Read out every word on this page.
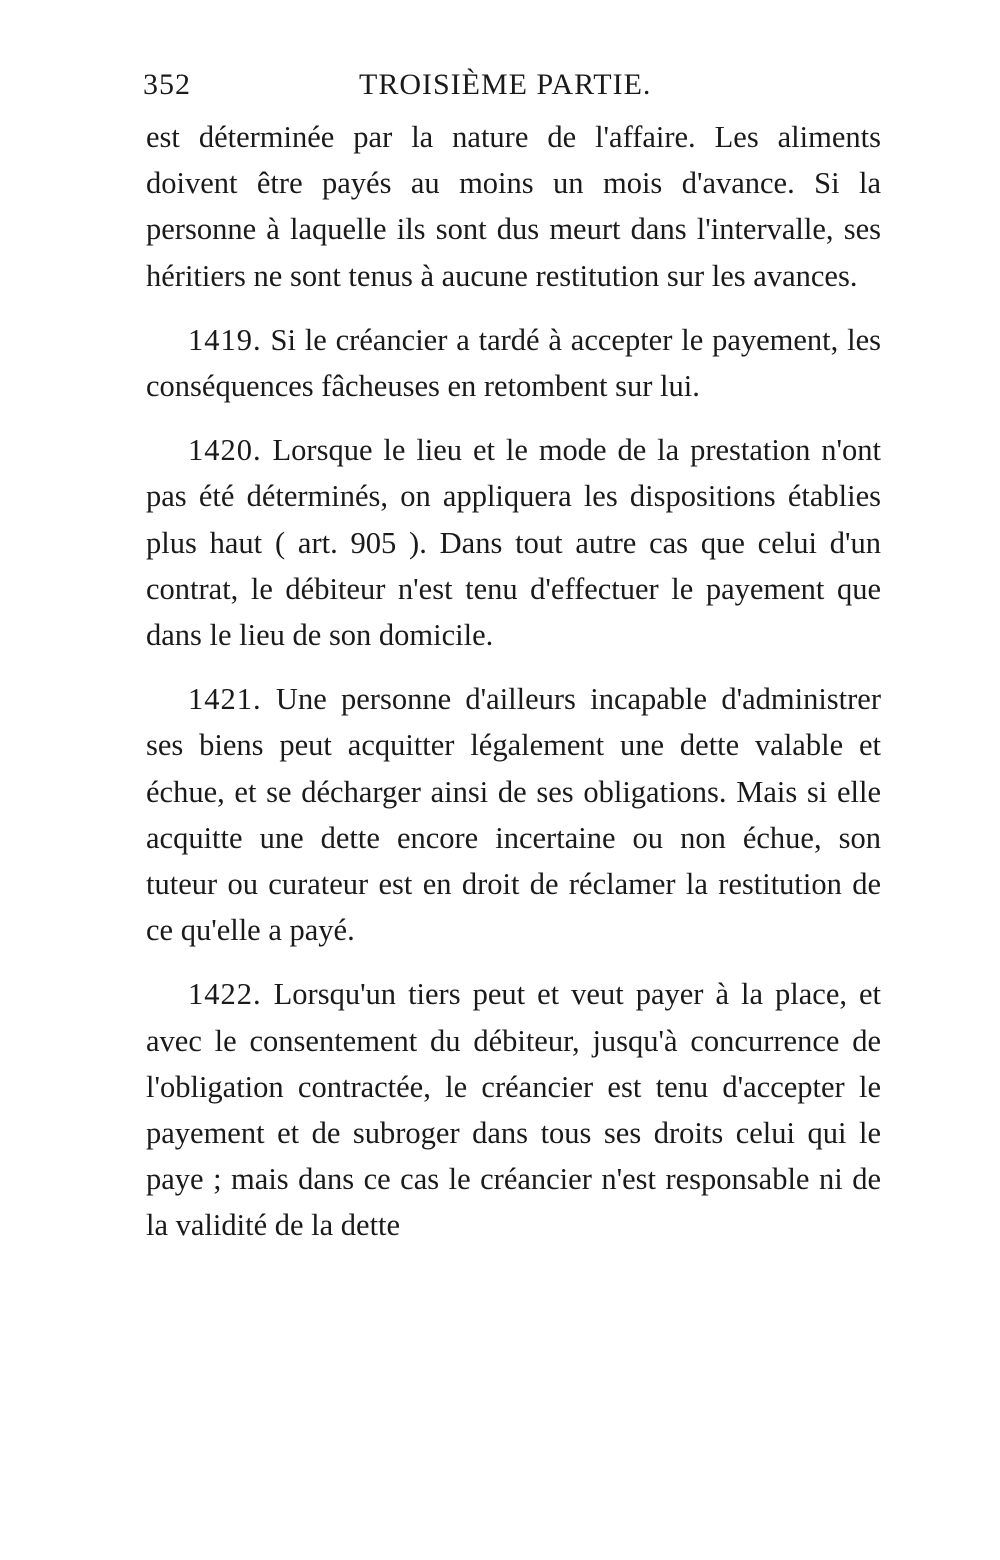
352	TROISIÈME PARTIE.

est déterminée par la nature de l'affaire. Les aliments doivent être payés au moins un mois d'avance. Si la personne à laquelle ils sont dus meurt dans l'intervalle, ses héritiers ne sont tenus à aucune restitution sur les avances.

1419. Si le créancier a tardé à accepter le payement, les conséquences fâcheuses en retombent sur lui.

1420. Lorsque le lieu et le mode de la prestation n'ont pas été déterminés, on appliquera les dispositions établies plus haut ( art. 905 ). Dans tout autre cas que celui d'un contrat, le débiteur n'est tenu d'effectuer le payement que dans le lieu de son domicile.

1421. Une personne d'ailleurs incapable d'administrer ses biens peut acquitter légalement une dette valable et échue, et se décharger ainsi de ses obligations. Mais si elle acquitte une dette encore incertaine ou non échue, son tuteur ou curateur est en droit de réclamer la restitution de ce qu'elle a payé.

1422. Lorsqu'un tiers peut et veut payer à la place, et avec le consentement du débiteur, jusqu'à concurrence de l'obligation contractée, le créancier est tenu d'accepter le payement et de subroger dans tous ses droits celui qui le paye ; mais dans ce cas le créancier n'est responsable ni de la validité de la dette
